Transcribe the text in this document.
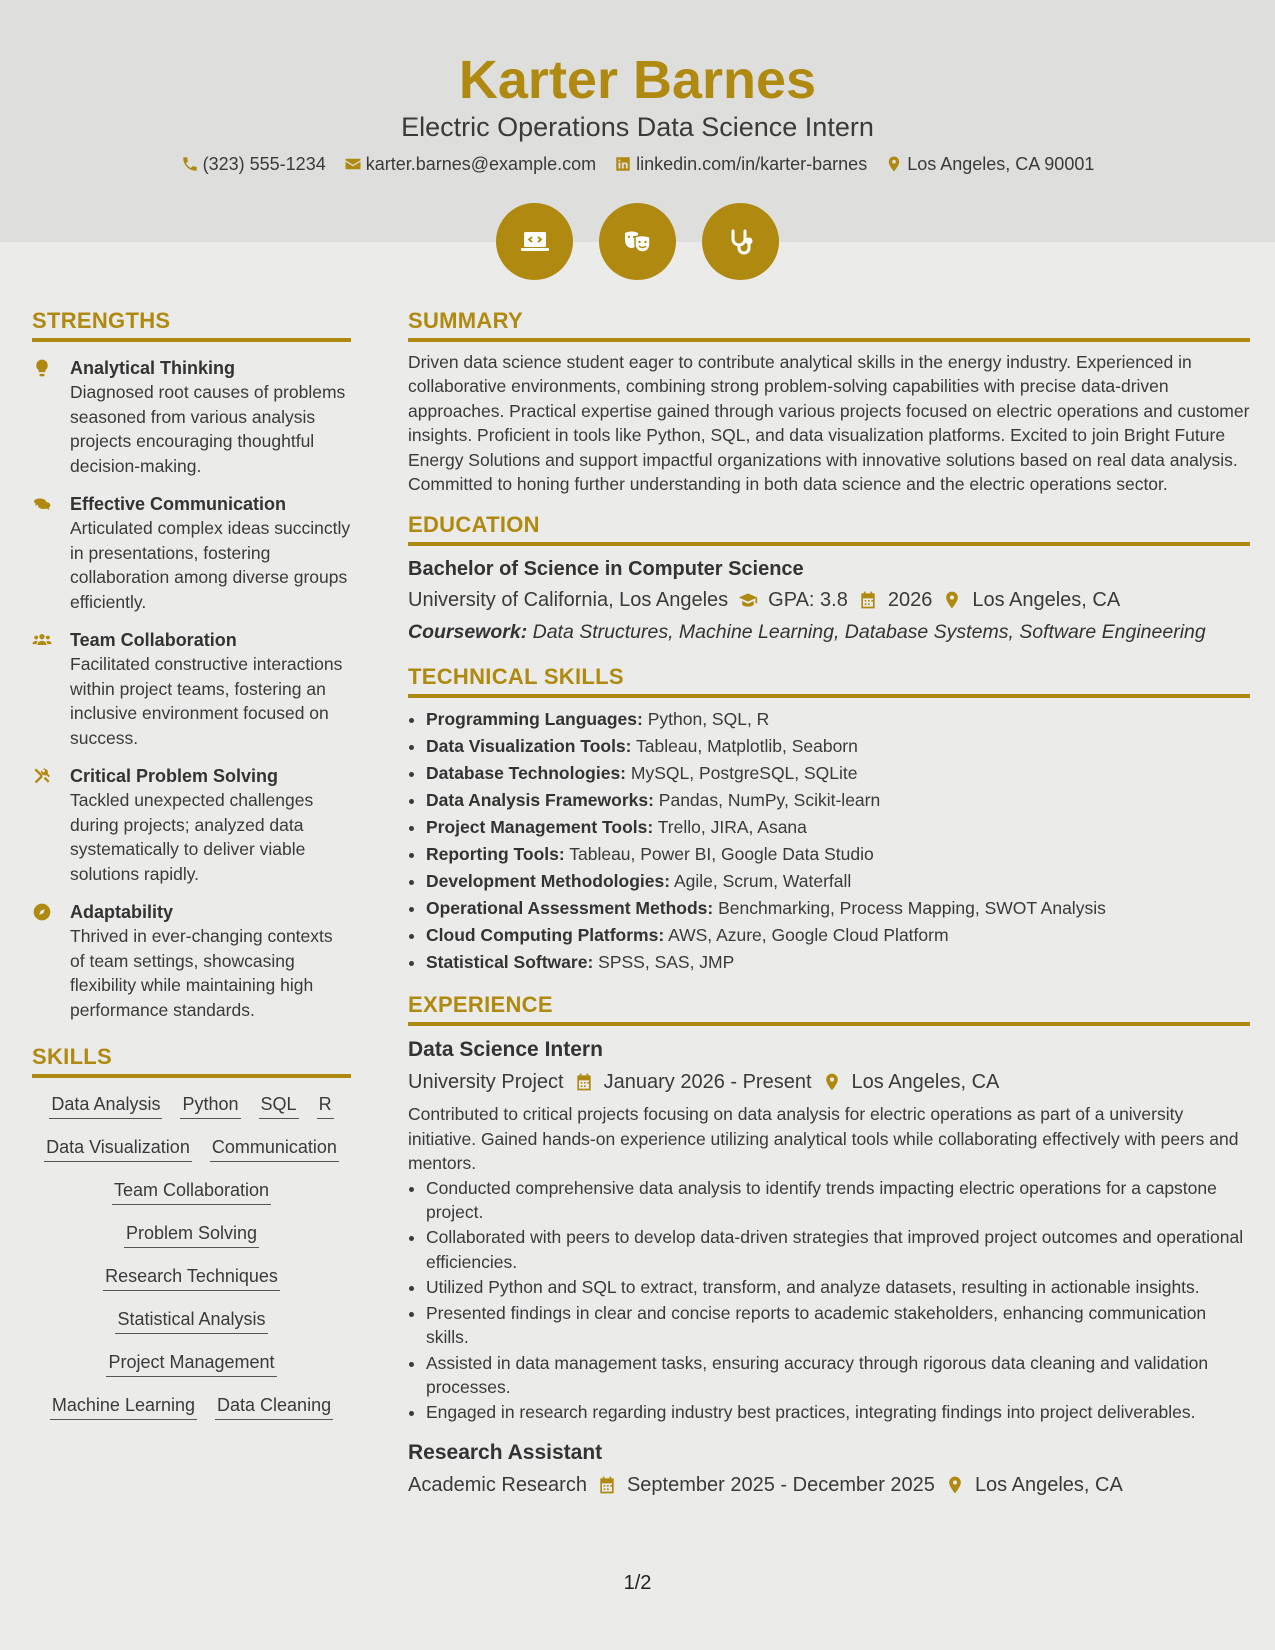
Karter Barnes
Electric Operations Data Science Intern
(323) 555-1234 karter.barnes@example.com linkedin.com/in/karter-barnes Los Angeles, CA 90001
STRENGTHS
Analytical Thinking
Diagnosed root causes of problems seasoned from various analysis projects encouraging thoughtful decision-making.
Effective Communication
Articulated complex ideas succinctly in presentations, fostering collaboration among diverse groups efficiently.
Team Collaboration
Facilitated constructive interactions within project teams, fostering an inclusive environment focused on success.
Critical Problem Solving
Tackled unexpected challenges during projects; analyzed data systematically to deliver viable solutions rapidly.
Adaptability
Thrived in ever-changing contexts of team settings, showcasing flexibility while maintaining high performance standards.
SKILLS
Data Analysis Python SQL R
Data Visualization Communication
Team Collaboration
Problem Solving
Research Techniques
Statistical Analysis
Project Management
Machine Learning Data Cleaning
SUMMARY
Driven data science student eager to contribute analytical skills in the energy industry. Experienced in collaborative environments, combining strong problem-solving capabilities with precise data-driven approaches. Practical expertise gained through various projects focused on electric operations and customer insights. Proficient in tools like Python, SQL, and data visualization platforms. Excited to join Bright Future Energy Solutions and support impactful organizations with innovative solutions based on real data analysis. Committed to honing further understanding in both data science and the electric operations sector.
EDUCATION
Bachelor of Science in Computer Science
University of California, Los Angeles GPA: 3.8 2026 Los Angeles, CA
Coursework: Data Structures, Machine Learning, Database Systems, Software Engineering
TECHNICAL SKILLS
• Programming Languages: Python, SQL, R
• Data Visualization Tools: Tableau, Matplotlib, Seaborn
• Database Technologies: MySQL, PostgreSQL, SQLite
• Data Analysis Frameworks: Pandas, NumPy, Scikit-learn
• Project Management Tools: Trello, JIRA, Asana
• Reporting Tools: Tableau, Power BI, Google Data Studio
• Development Methodologies: Agile, Scrum, Waterfall
• Operational Assessment Methods: Benchmarking, Process Mapping, SWOT Analysis
• Cloud Computing Platforms: AWS, Azure, Google Cloud Platform
• Statistical Software: SPSS, SAS, JMP
EXPERIENCE
Data Science Intern
University Project January 2026 - Present Los Angeles, CA
Contributed to critical projects focusing on data analysis for electric operations as part of a university initiative. Gained hands-on experience utilizing analytical tools while collaborating effectively with peers and mentors.
• Conducted comprehensive data analysis to identify trends impacting electric operations for a capstone project.
• Collaborated with peers to develop data-driven strategies that improved project outcomes and operational efficiencies.
• Utilized Python and SQL to extract, transform, and analyze datasets, resulting in actionable insights.
• Presented findings in clear and concise reports to academic stakeholders, enhancing communication skills.
• Assisted in data management tasks, ensuring accuracy through rigorous data cleaning and validation processes.
• Engaged in research regarding industry best practices, integrating findings into project deliverables.
Research Assistant
Academic Research September 2025 - December 2025 Los Angeles, CA
1/2
